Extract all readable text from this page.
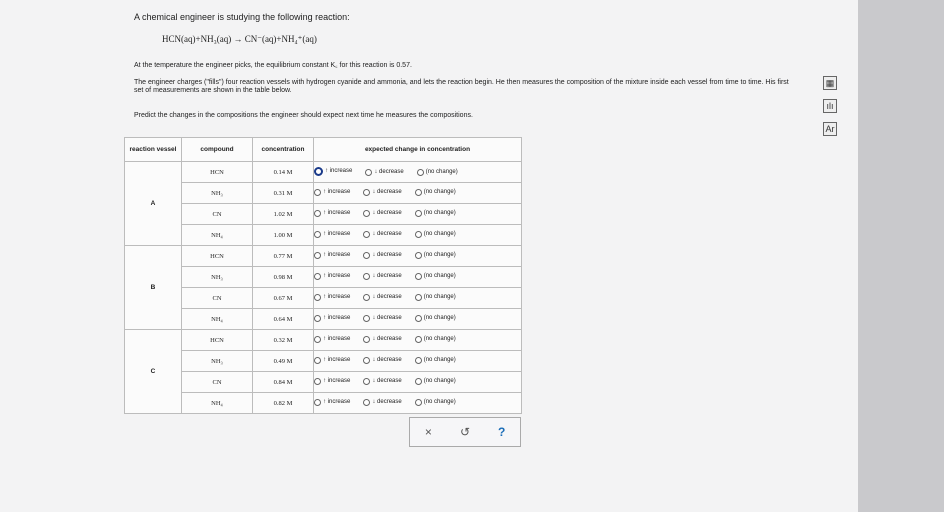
A chemical engineer is studying the following reaction:
HCN(aq)+NH₃(aq) → CN⁻(aq)+NH₄⁺(aq)
At the temperature the engineer picks, the equilibrium constant K꜀ for this reaction is 0.57.
The engineer charges ("fills") four reaction vessels with hydrogen cyanide and ammonia, and lets the reaction begin. He then measures the composition of the mixture inside each vessel from time to time. His first set of measurements are shown in the table below.
Predict the changes in the compositions the engineer should expect next time he measures the compositions.
reaction vessel	compound	concentration	expected change in concentration
A	HCN	0.14 M	↑ increase ↓ decrease (no change)

	NH₃	0.31 M	↑ increase ↓ decrease (no change)

	CN	1.02 M	↑ increase ↓ decrease (no change)

	NH₄	1.00 M	↑ increase ↓ decrease (no change)

B	HCN	0.77 M	↑ increase ↓ decrease (no change)

	NH₃	0.98 M	↑ increase ↓ decrease (no change)

	CN	0.67 M	↑ increase ↓ decrease (no change)

	NH₄	0.64 M	↑ increase ↓ decrease (no change)

C	HCN	0.32 M	↑ increase ↓ decrease (no change)

	NH₃	0.49 M	↑ increase ↓ decrease (no change)

	CN	0.84 M	↑ increase ↓ decrease (no change)

	NH₄	0.82 M	↑ increase ↓ decrease (no change)
×	↺	?
▦
ılı
Ar
